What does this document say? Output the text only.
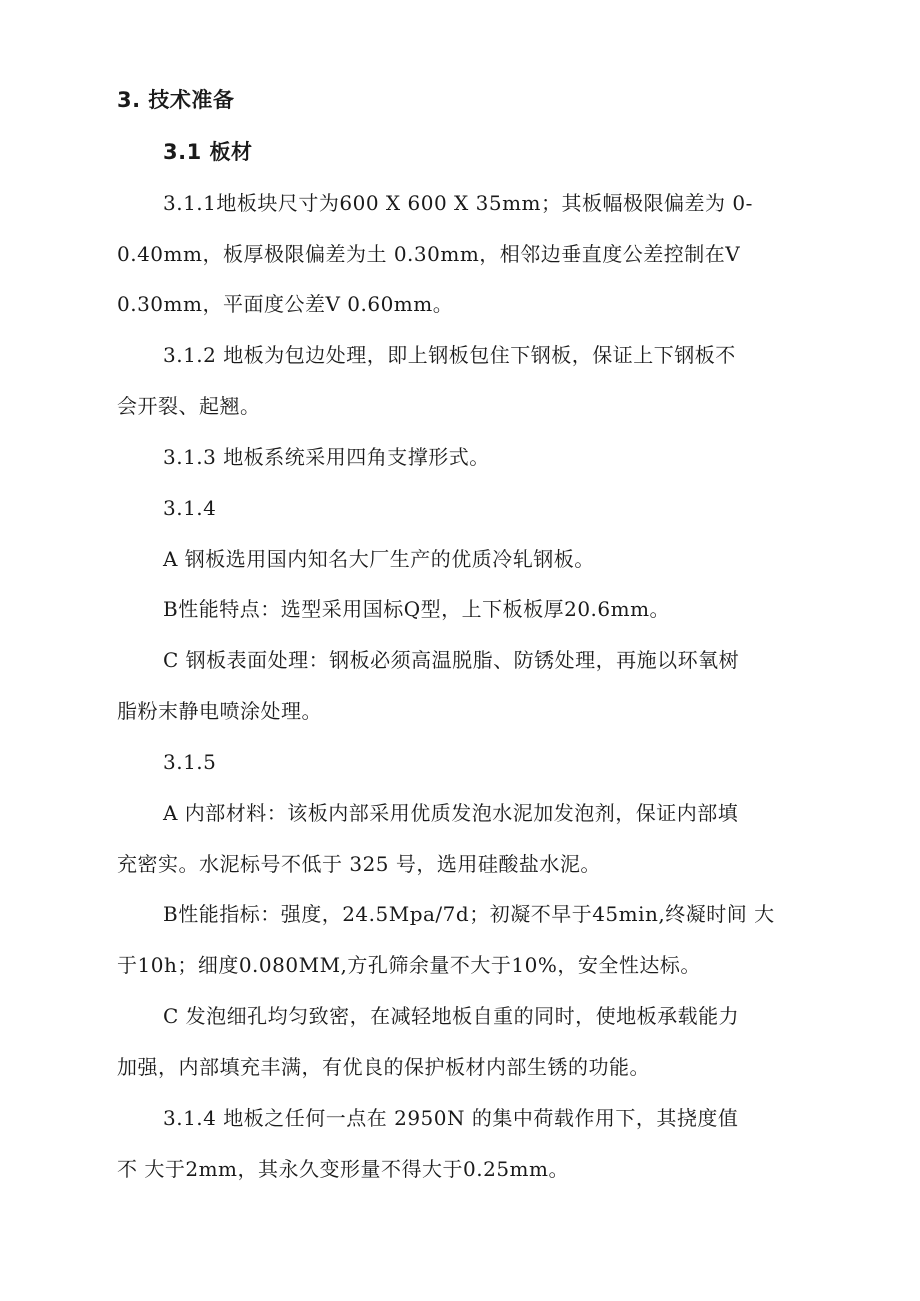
3. 技术准备
3.1 板材
3.1.1地板块尺寸为600 X 600 X 35mm；其板幅极限偏差为 0-
0.40mm，板厚极限偏差为土 0.30mm，相邻边垂直度公差控制在V
0.30mm，平面度公差V 0.60mm。
3.1.2 地板为包边处理，即上钢板包住下钢板，保证上下钢板不
会开裂、起翘。
3.1.3 地板系统采用四角支撑形式。
3.1.4
A 钢板选用国内知名大厂生产的优质冷轧钢板。
B性能特点：选型采用国标Q型，上下板板厚20.6mm。
C 钢板表面处理：钢板必须高温脱脂、防锈处理，再施以环氧树
脂粉末静电喷涂处理。
3.1.5
A 内部材料：该板内部采用优质发泡水泥加发泡剂，保证内部填
充密实。水泥标号不低于 325 号，选用硅酸盐水泥。
B性能指标：强度，24.5Mpa/7d；初凝不早于45min,终凝时间 大
于10h；细度0.080MM,方孔筛余量不大于10%，安全性达标。
C 发泡细孔均匀致密，在减轻地板自重的同时，使地板承载能力
加强，内部填充丰满，有优良的保护板材内部生锈的功能。
3.1.4 地板之任何一点在 2950N 的集中荷载作用下，其挠度值
不 大于2mm，其永久变形量不得大于0.25mm。
